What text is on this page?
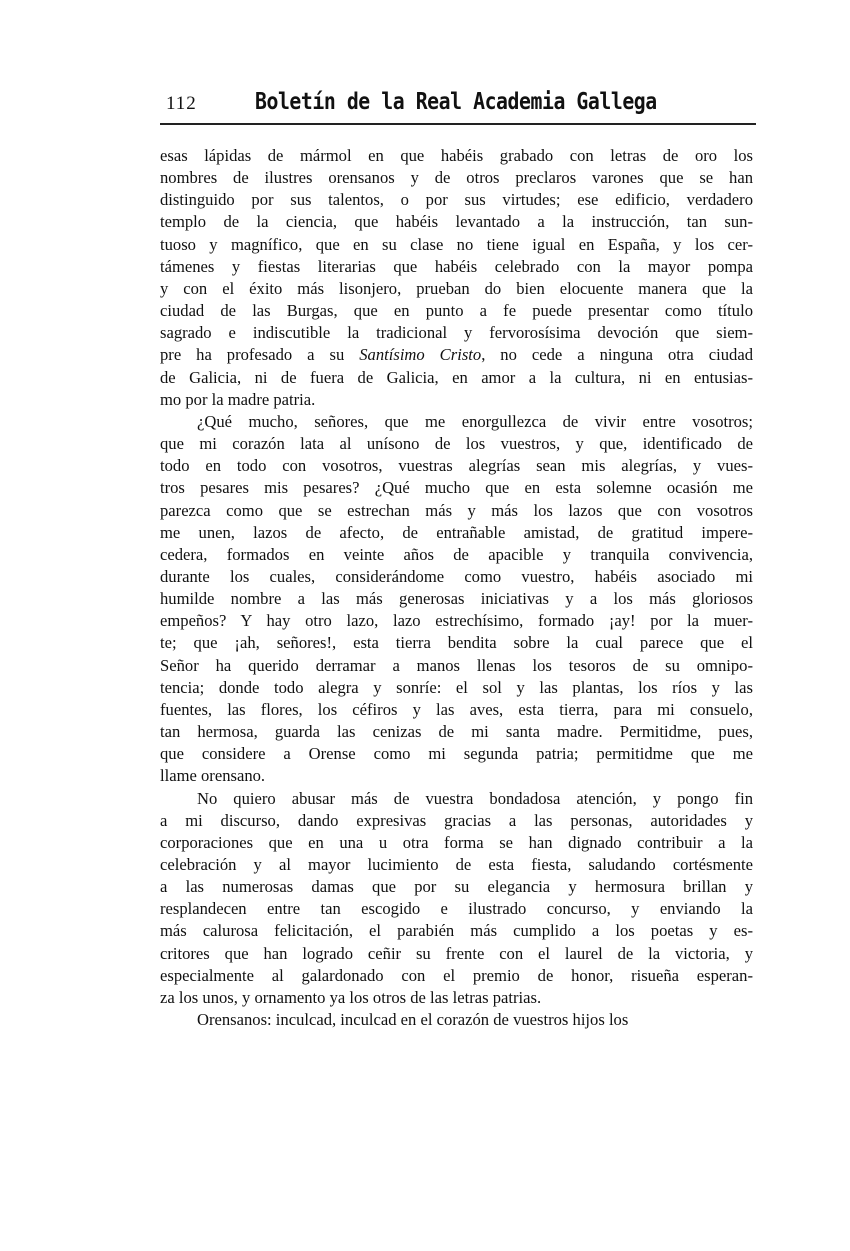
112	Boletín de la Real Academia Gallega
esas lápidas de mármol en que habéis grabado con letras de oro los
nombres de ilustres orensanos y de otros preclaros varones que se han
distinguido por sus talentos, o por sus virtudes; ese edificio, verdadero
templo de la ciencia, que habéis levantado a la instrucción, tan sun-
tuoso y magnífico, que en su clase no tiene igual en España, y los cer-
támenes y fiestas literarias que habéis celebrado con la mayor pompa
y con el éxito más lisonjero, prueban do bien elocuente manera que la
ciudad de las Burgas, que en punto a fe puede presentar como título
sagrado e indiscutible la tradicional y fervorosísima devoción que siem-
pre ha profesado a su Santísimo Cristo, no cede a ninguna otra ciudad
de Galicia, ni de fuera de Galicia, en amor a la cultura, ni en entusias-
mo por la madre patria.
¿Qué mucho, señores, que me enorgullezca de vivir entre vosotros;
que mi corazón lata al unísono de los vuestros, y que, identificado de
todo en todo con vosotros, vuestras alegrías sean mis alegrías, y vues-
tros pesares mis pesares? ¿Qué mucho que en esta solemne ocasión me
parezca como que se estrechan más y más los lazos que con vosotros
me unen, lazos de afecto, de entrañable amistad, de gratitud impere-
cedera, formados en veinte años de apacible y tranquila convivencia,
durante los cuales, considerándome como vuestro, habéis asociado mi
humilde nombre a las más generosas iniciativas y a los más gloriosos
empeños? Y hay otro lazo, lazo estrechísimo, formado ¡ay! por la muer-
te; que ¡ah, señores!, esta tierra bendita sobre la cual parece que el
Señor ha querido derramar a manos llenas los tesoros de su omnipo-
tencia; donde todo alegra y sonríe: el sol y las plantas, los ríos y las
fuentes, las flores, los céfiros y las aves, esta tierra, para mi consuelo,
tan hermosa, guarda las cenizas de mi santa madre. Permitidme, pues,
que considere a Orense como mi segunda patria; permitidme que me
llame orensano.
No quiero abusar más de vuestra bondadosa atención, y pongo fin
a mi discurso, dando expresivas gracias a las personas, autoridades y
corporaciones que en una u otra forma se han dignado contribuir a la
celebración y al mayor lucimiento de esta fiesta, saludando cortésmente
a las numerosas damas que por su elegancia y hermosura brillan y
resplandecen entre tan escogido e ilustrado concurso, y enviando la
más calurosa felicitación, el parabién más cumplido a los poetas y es-
critores que han logrado ceñir su frente con el laurel de la victoria, y
especialmente al galardonado con el premio de honor, risueña esperan-
za los unos, y ornamento ya los otros de las letras patrias.
Orensanos: inculcad, inculcad en el corazón de vuestros hijos los
